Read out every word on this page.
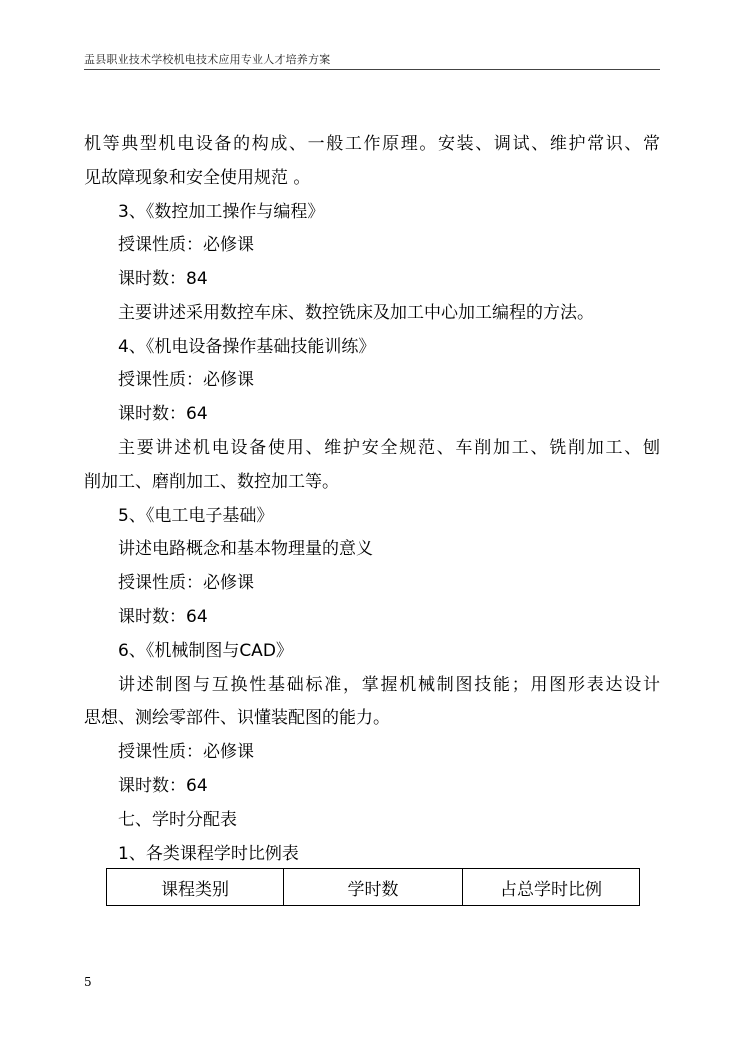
盂县职业技术学校机电技术应用专业人才培养方案
机等典型机电设备的构成、一般工作原理。安装、调试、维护常识、常
见故障现象和安全使用规范 。
3、《数控加工操作与编程》
授课性质：必修课
课时数：84
主要讲述采用数控车床、数控铣床及加工中心加工编程的方法。
4、《机电设备操作基础技能训练》
授课性质：必修课
课时数：64
主要讲述机电设备使用、维护安全规范、车削加工、铣削加工、刨
削加工、磨削加工、数控加工等。
5、《电工电子基础》
讲述电路概念和基本物理量的意义
授课性质：必修课
课时数：64
6、《机械制图与CAD》
讲述制图与互换性基础标准，掌握机械制图技能；用图形表达设计
思想、测绘零部件、识懂装配图的能力。
授课性质：必修课
课时数：64
七、学时分配表
1、各类课程学时比例表
课程类别	学时数	占总学时比例
5
